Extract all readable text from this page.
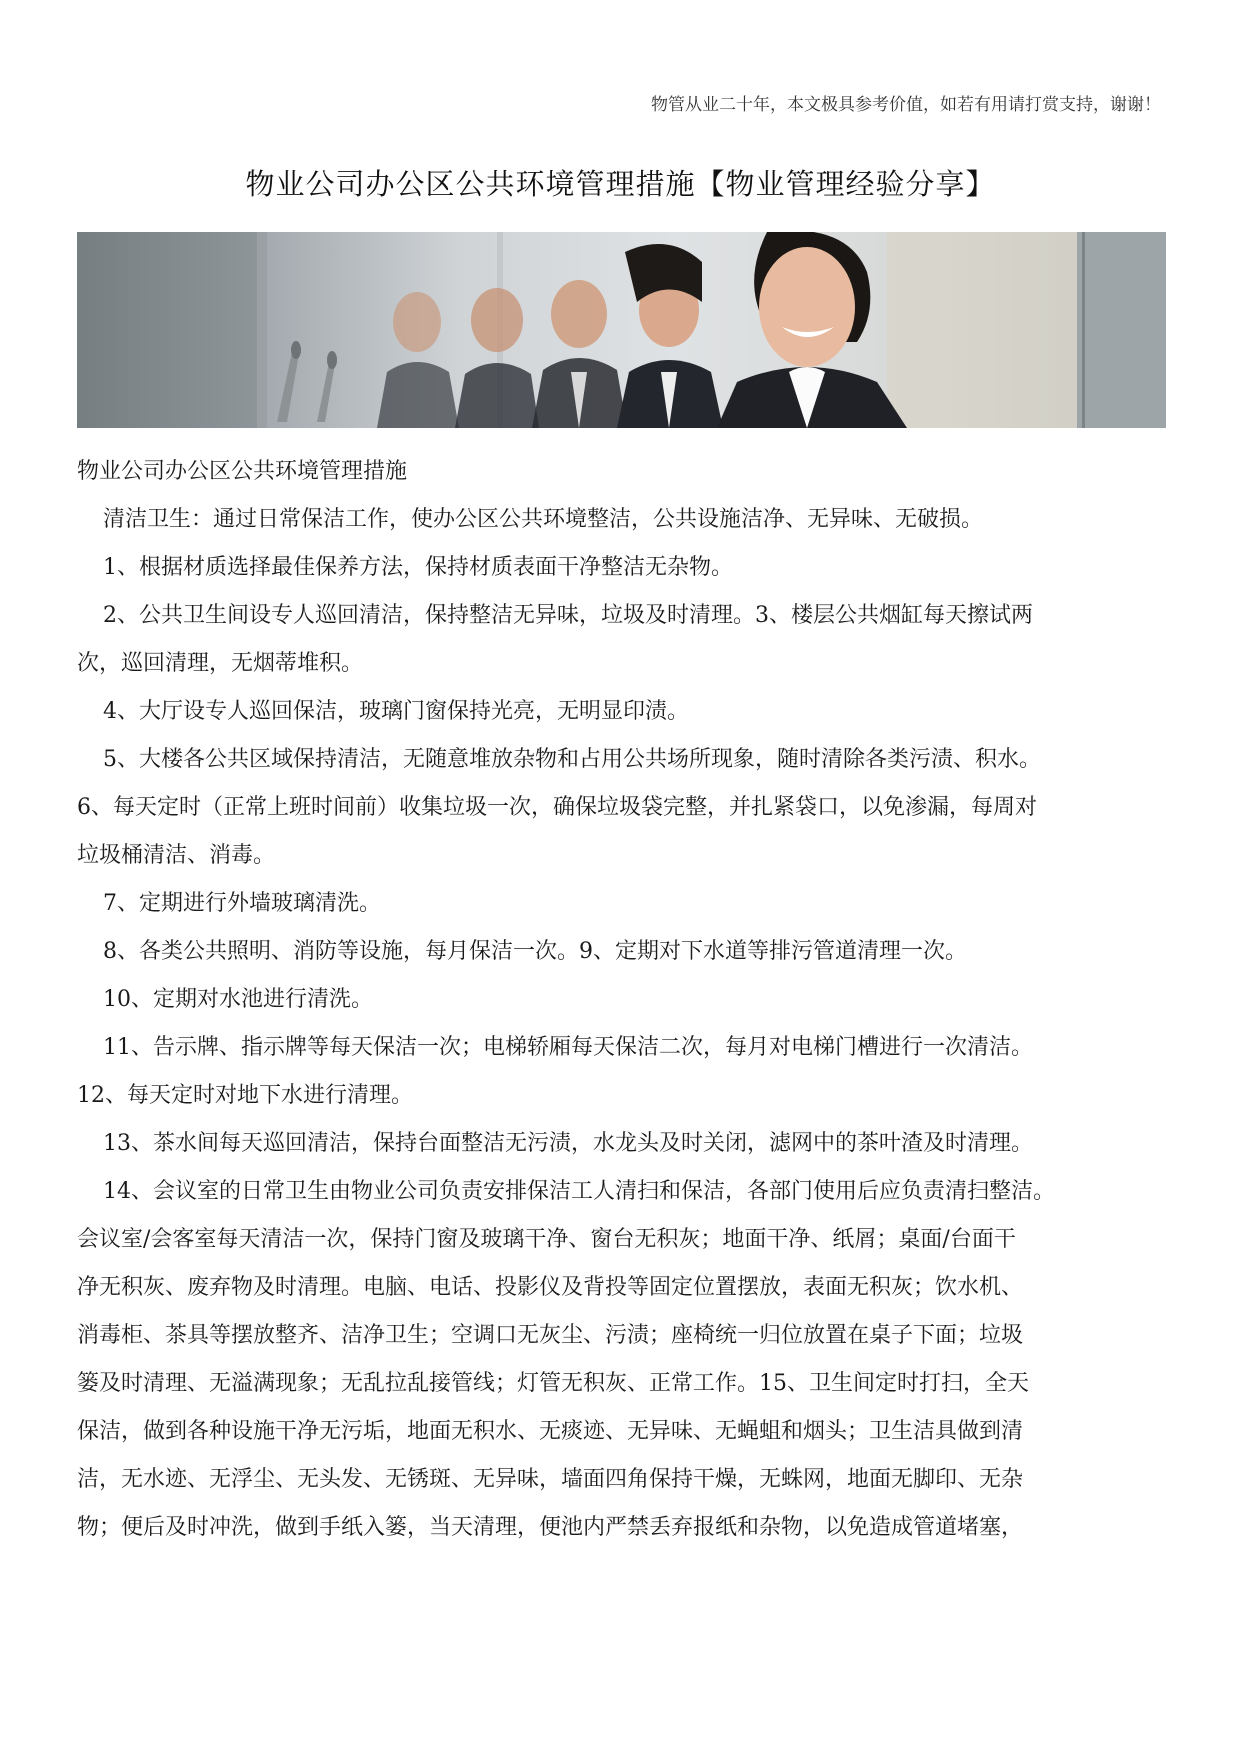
物管从业二十年，本文极具参考价值，如若有用请打赏支持，谢谢！
物业公司办公区公共环境管理措施【物业管理经验分享】

物业公司办公区公共环境管理措施

清洁卫生：通过日常保洁工作，使办公区公共环境整洁，公共设施洁净、无异味、无破损。

1、根据材质选择最佳保养方法，保持材质表面干净整洁无杂物。

2、公共卫生间设专人巡回清洁，保持整洁无异味，垃圾及时清理。3、楼层公共烟缸每天擦试两

次，巡回清理，无烟蒂堆积。

4、大厅设专人巡回保洁，玻璃门窗保持光亮，无明显印渍。

5、大楼各公共区域保持清洁，无随意堆放杂物和占用公共场所现象，随时清除各类污渍、积水。

6、每天定时（正常上班时间前）收集垃圾一次，确保垃圾袋完整，并扎紧袋口，以免渗漏，每周对

垃圾桶清洁、消毒。

7、定期进行外墙玻璃清洗。

8、各类公共照明、消防等设施，每月保洁一次。9、定期对下水道等排污管道清理一次。

10、定期对水池进行清洗。

11、告示牌、指示牌等每天保洁一次；电梯轿厢每天保洁二次，每月对电梯门槽进行一次清洁。

12、每天定时对地下水进行清理。

13、茶水间每天巡回清洁，保持台面整洁无污渍，水龙头及时关闭，滤网中的茶叶渣及时清理。

14、会议室的日常卫生由物业公司负责安排保洁工人清扫和保洁，各部门使用后应负责清扫整洁。

会议室/会客室每天清洁一次，保持门窗及玻璃干净、窗台无积灰；地面干净、纸屑；桌面/台面干

净无积灰、废弃物及时清理。电脑、电话、投影仪及背投等固定位置摆放，表面无积灰；饮水机、

消毒柜、茶具等摆放整齐、洁净卫生；空调口无灰尘、污渍；座椅统一归位放置在桌子下面；垃圾

篓及时清理、无溢满现象；无乱拉乱接管线；灯管无积灰、正常工作。15、卫生间定时打扫，全天

保洁，做到各种设施干净无污垢，地面无积水、无痰迹、无异味、无蝇蛆和烟头；卫生洁具做到清

洁，无水迹、无浮尘、无头发、无锈斑、无异味，墙面四角保持干燥，无蛛网，地面无脚印、无杂

物；便后及时冲洗，做到手纸入篓，当天清理，便池内严禁丢弃报纸和杂物，以免造成管道堵塞，
